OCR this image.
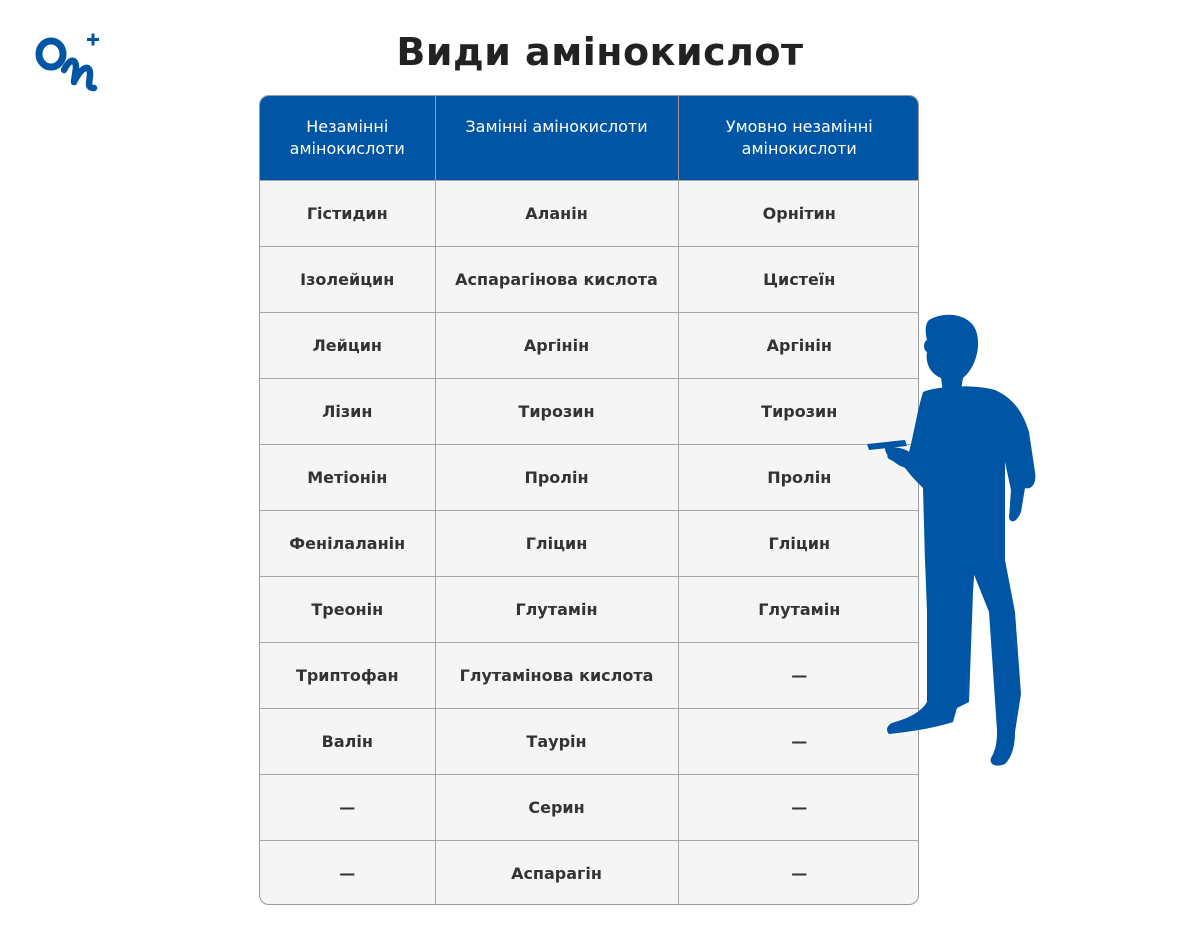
Види амінокислот
Незамінні амінокислоти	Замінні амінокислоти	Умовно незамінні амінокислоти
Гістидин	Аланін	Орнітин
Ізолейцин	Аспарагінова кислота	Цистеїн
Лейцин	Аргінін	Аргінін
Лізин	Тирозин	Тирозин
Метіонін	Пролін	Пролін
Фенілаланін	Гліцин	Гліцин
Треонін	Глутамін	Глутамін
Триптофан	Глутамінова кислота	—
Валін	Таурін	—
—	Серин	—
—	Аспарагін	—
